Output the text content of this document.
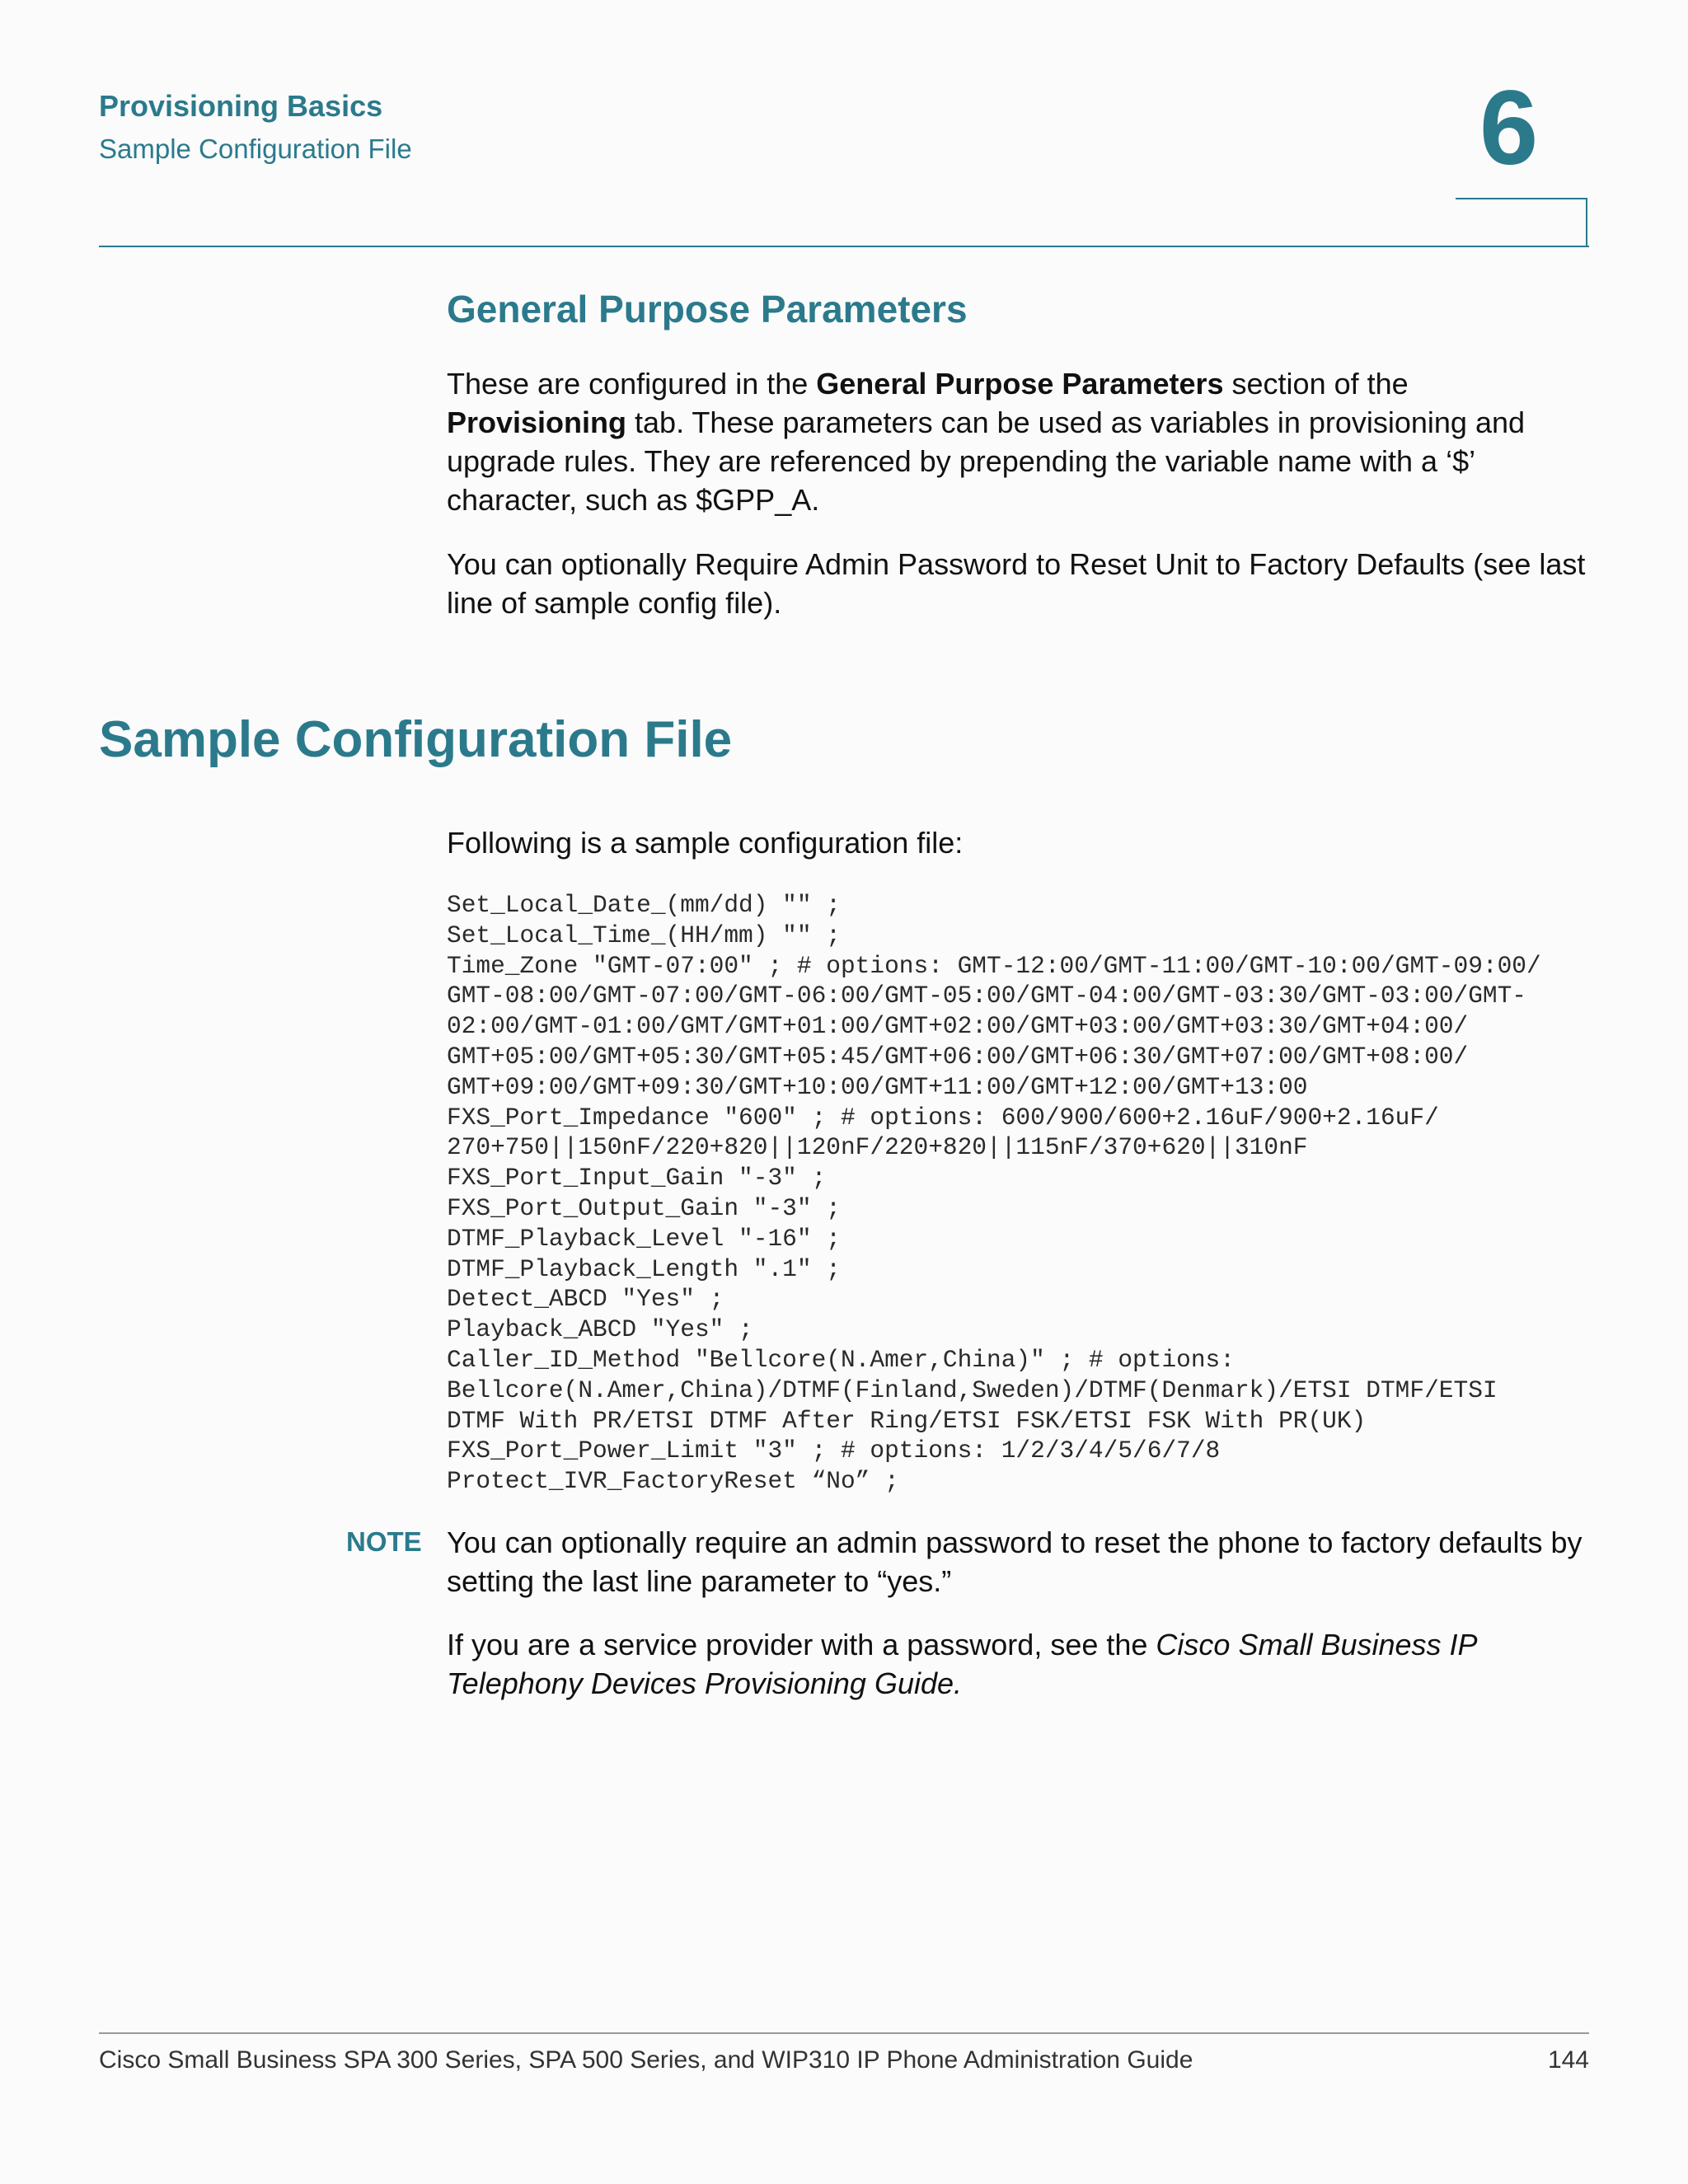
Provisioning Basics
Sample Configuration File	6
General Purpose Parameters

These are configured in the General Purpose Parameters section of the Provisioning tab. These parameters can be used as variables in provisioning and upgrade rules. They are referenced by prepending the variable name with a ‘$’ character, such as $GPP_A.

You can optionally Require Admin Password to Reset Unit to Factory Defaults (see last line of sample config file).

Sample Configuration File

Following is a sample configuration file:

Set_Local_Date_(mm/dd) "" ;
Set_Local_Time_(HH/mm) "" ;
Time_Zone "GMT-07:00" ; # options: GMT-12:00/GMT-11:00/GMT-10:00/GMT-09:00/
GMT-08:00/GMT-07:00/GMT-06:00/GMT-05:00/GMT-04:00/GMT-03:30/GMT-03:00/GMT-
02:00/GMT-01:00/GMT/GMT+01:00/GMT+02:00/GMT+03:00/GMT+03:30/GMT+04:00/
GMT+05:00/GMT+05:30/GMT+05:45/GMT+06:00/GMT+06:30/GMT+07:00/GMT+08:00/
GMT+09:00/GMT+09:30/GMT+10:00/GMT+11:00/GMT+12:00/GMT+13:00
FXS_Port_Impedance "600" ; # options: 600/900/600+2.16uF/900+2.16uF/
270+750||150nF/220+820||120nF/220+820||115nF/370+620||310nF
FXS_Port_Input_Gain "-3" ;
FXS_Port_Output_Gain "-3" ;
DTMF_Playback_Level "-16" ;
DTMF_Playback_Length ".1" ;
Detect_ABCD "Yes" ;
Playback_ABCD "Yes" ;
Caller_ID_Method "Bellcore(N.Amer,China)" ; # options:
Bellcore(N.Amer,China)/DTMF(Finland,Sweden)/DTMF(Denmark)/ETSI DTMF/ETSI
DTMF With PR/ETSI DTMF After Ring/ETSI FSK/ETSI FSK With PR(UK)
FXS_Port_Power_Limit "3" ; # options: 1/2/3/4/5/6/7/8
Protect_IVR_FactoryReset “No” ;
NOTE You can optionally require an admin password to reset the phone to factory defaults by setting the last line parameter to “yes.”

If you are a service provider with a password, see the Cisco Small Business IP Telephony Devices Provisioning Guide.

Cisco Small Business SPA 300 Series, SPA 500 Series, and WIP310 IP Phone Administration Guide	144
